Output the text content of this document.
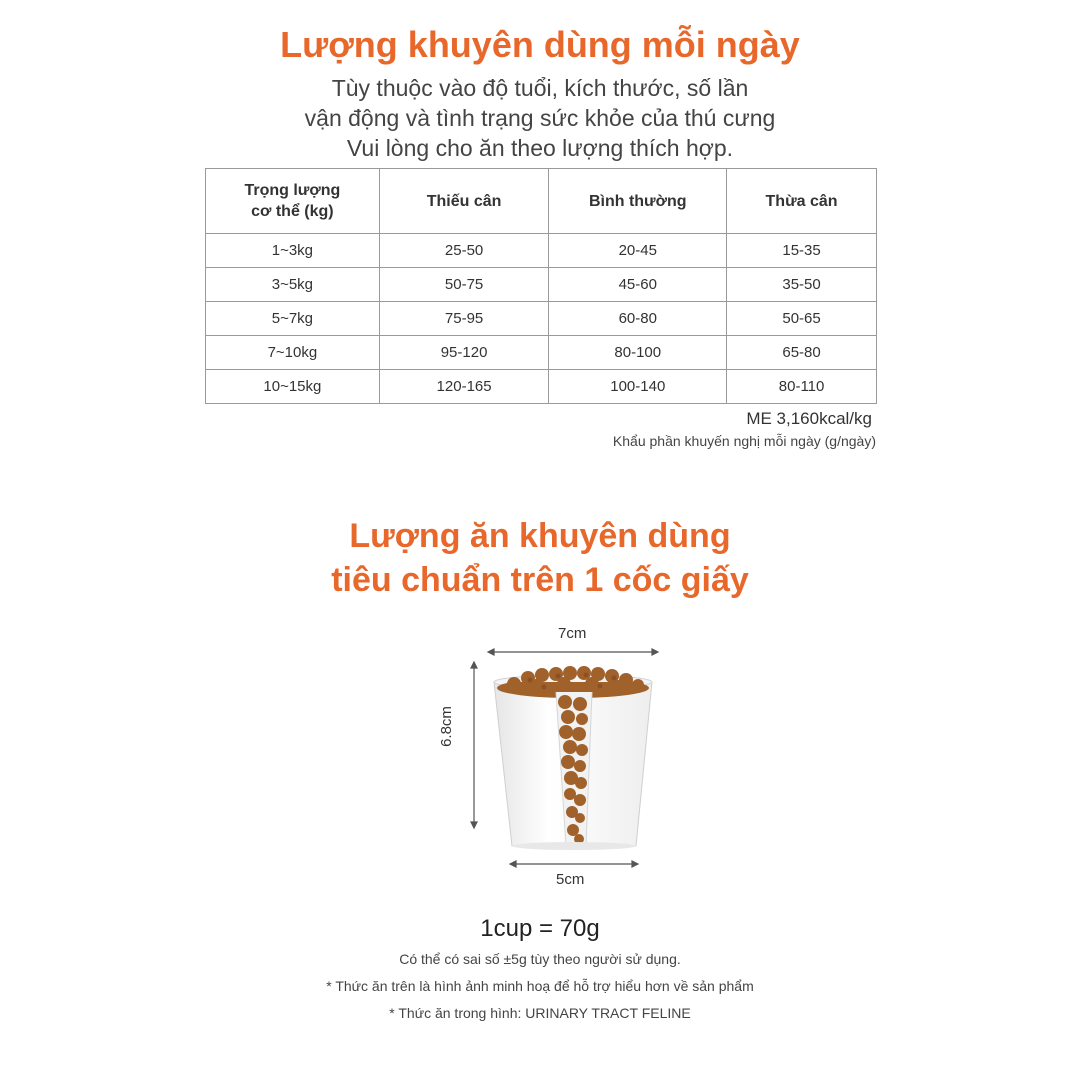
Lượng khuyên dùng mỗi ngày
Tùy thuộc vào độ tuổi, kích thước, số lần
vận động và tình trạng sức khỏe của thú cưng
Vui lòng cho ăn theo lượng thích hợp.
Trọng lượng
cơ thể (kg)	Thiếu cân	Bình thường	Thừa cân
1~3kg	25-50	20-45	15-35
3~5kg	50-75	45-60	35-50
5~7kg	75-95	60-80	50-65
7~10kg	95-120	80-100	65-80
10~15kg	120-165	100-140	80-110
ME 3,160kcal/kg
Khẩu phần khuyến nghị mỗi ngày (g/ngày)
Lượng ăn khuyên dùng
tiêu chuẩn trên 1 cốc giấy
7cm
6.8cm
5cm
1cup = 70g
Có thể có sai số ±5g tùy theo người sử dụng.
* Thức ăn trên là hình ảnh minh hoạ để hỗ trợ hiểu hơn về sản phẩm
* Thức ăn trong hình: URINARY TRACT FELINE
